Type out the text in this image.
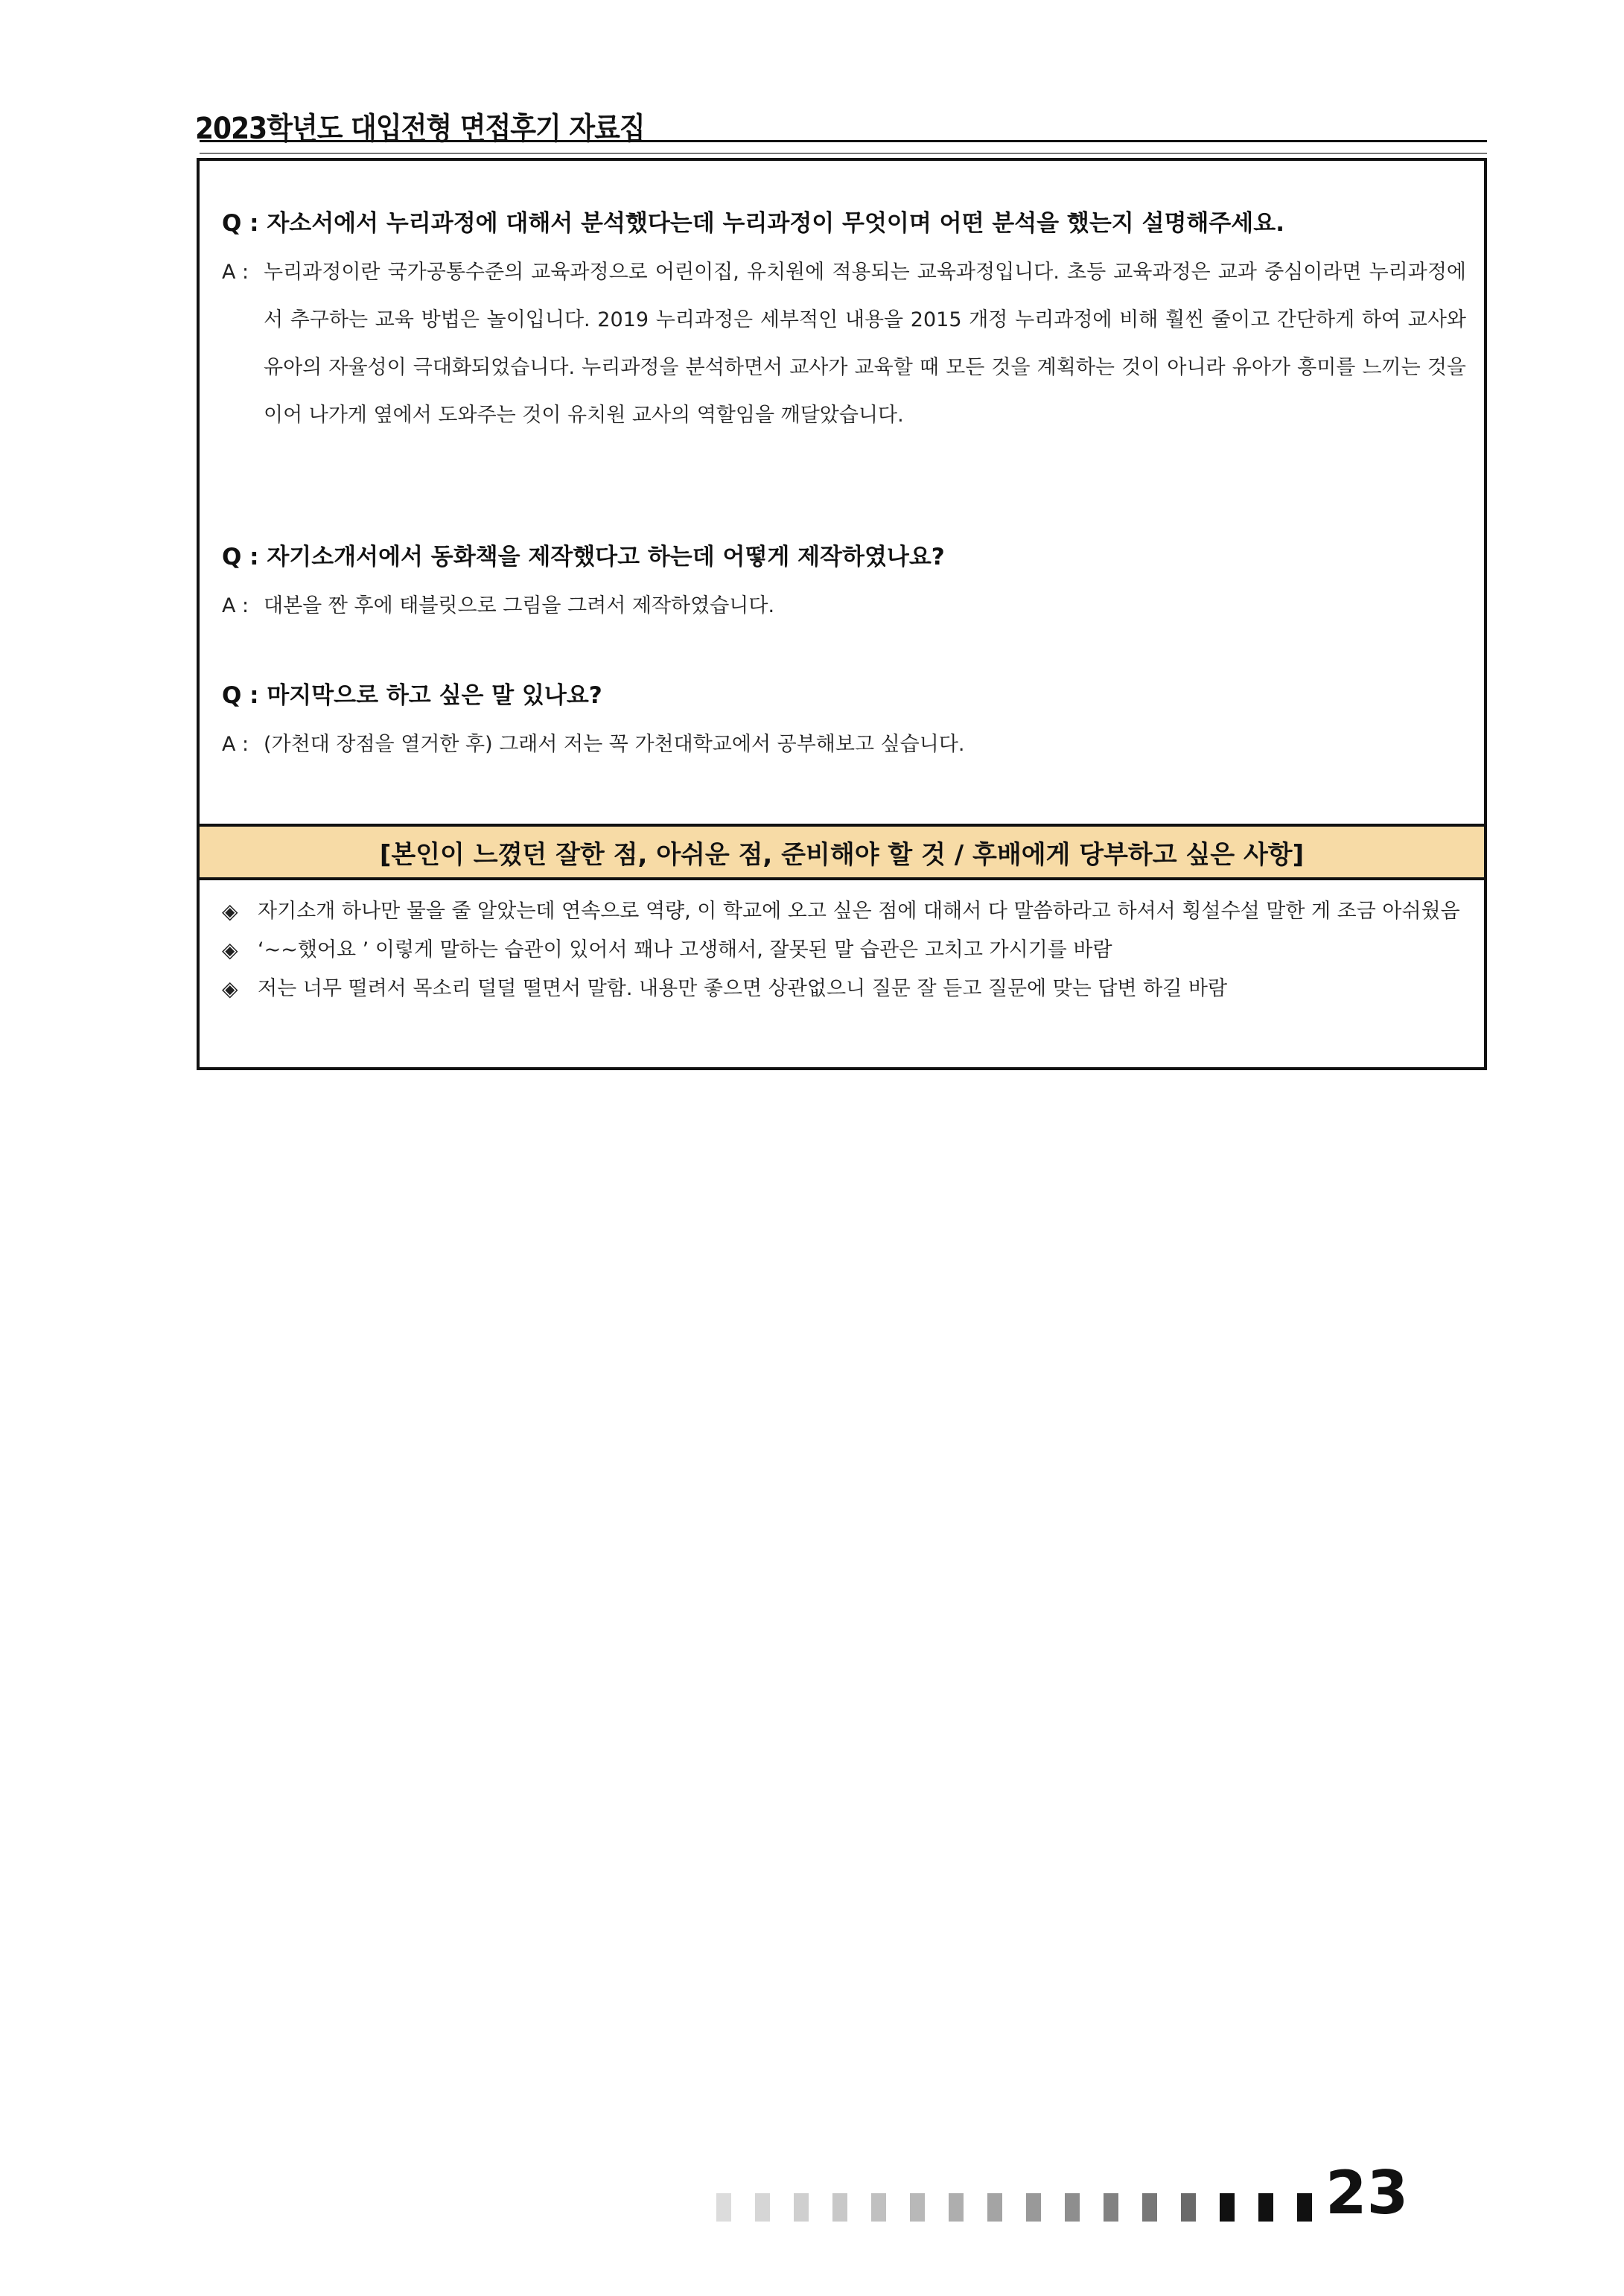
2023학년도 대입전형 면접후기 자료집
Q : 자소서에서 누리과정에 대해서 분석했다는데 누리과정이 무엇이며 어떤 분석을 했는지 설명해주세요.
A : 누리과정이란 국가공통수준의 교육과정으로 어린이집, 유치원에 적용되는 교육과정입니다. 초등 교육과정은 교과 중심이라면 누리과정에서 추구하는 교육 방법은 놀이입니다. 2019 누리과정은 세부적인 내용을 2015 개정 누리과정에 비해 훨씬 줄이고 간단하게 하여 교사와 유아의 자율성이 극대화되었습니다. 누리과정을 분석하면서 교사가 교육할 때 모든 것을 계획하는 것이 아니라 유아가 흥미를 느끼는 것을 이어 나가게 옆에서 도와주는 것이 유치원 교사의 역할임을 깨달았습니다.
Q : 자기소개서에서 동화책을 제작했다고 하는데 어떻게 제작하였나요?
A : 대본을 짠 후에 태블릿으로 그림을 그려서 제작하였습니다.
Q : 마지막으로 하고 싶은 말 있나요?
A : (가천대 장점을 열거한 후) 그래서 저는 꼭 가천대학교에서 공부해보고 싶습니다.
[본인이 느꼈던 잘한 점, 아쉬운 점, 준비해야 할 것 / 후배에게 당부하고 싶은 사항]
◈ 자기소개 하나만 물을 줄 알았는데 연속으로 역량, 이 학교에 오고 싶은 점에 대해서 다 말씀하라고 하셔서 횡설수설 말한 게 조금 아쉬웠음
◈ ‘~~했어요 ’ 이렇게 말하는 습관이 있어서 꽤나 고생해서, 잘못된 말 습관은 고치고 가시기를 바람
◈ 저는 너무 떨려서 목소리 덜덜 떨면서 말함. 내용만 좋으면 상관없으니 질문 잘 듣고 질문에 맞는 답변 하길 바람
23
